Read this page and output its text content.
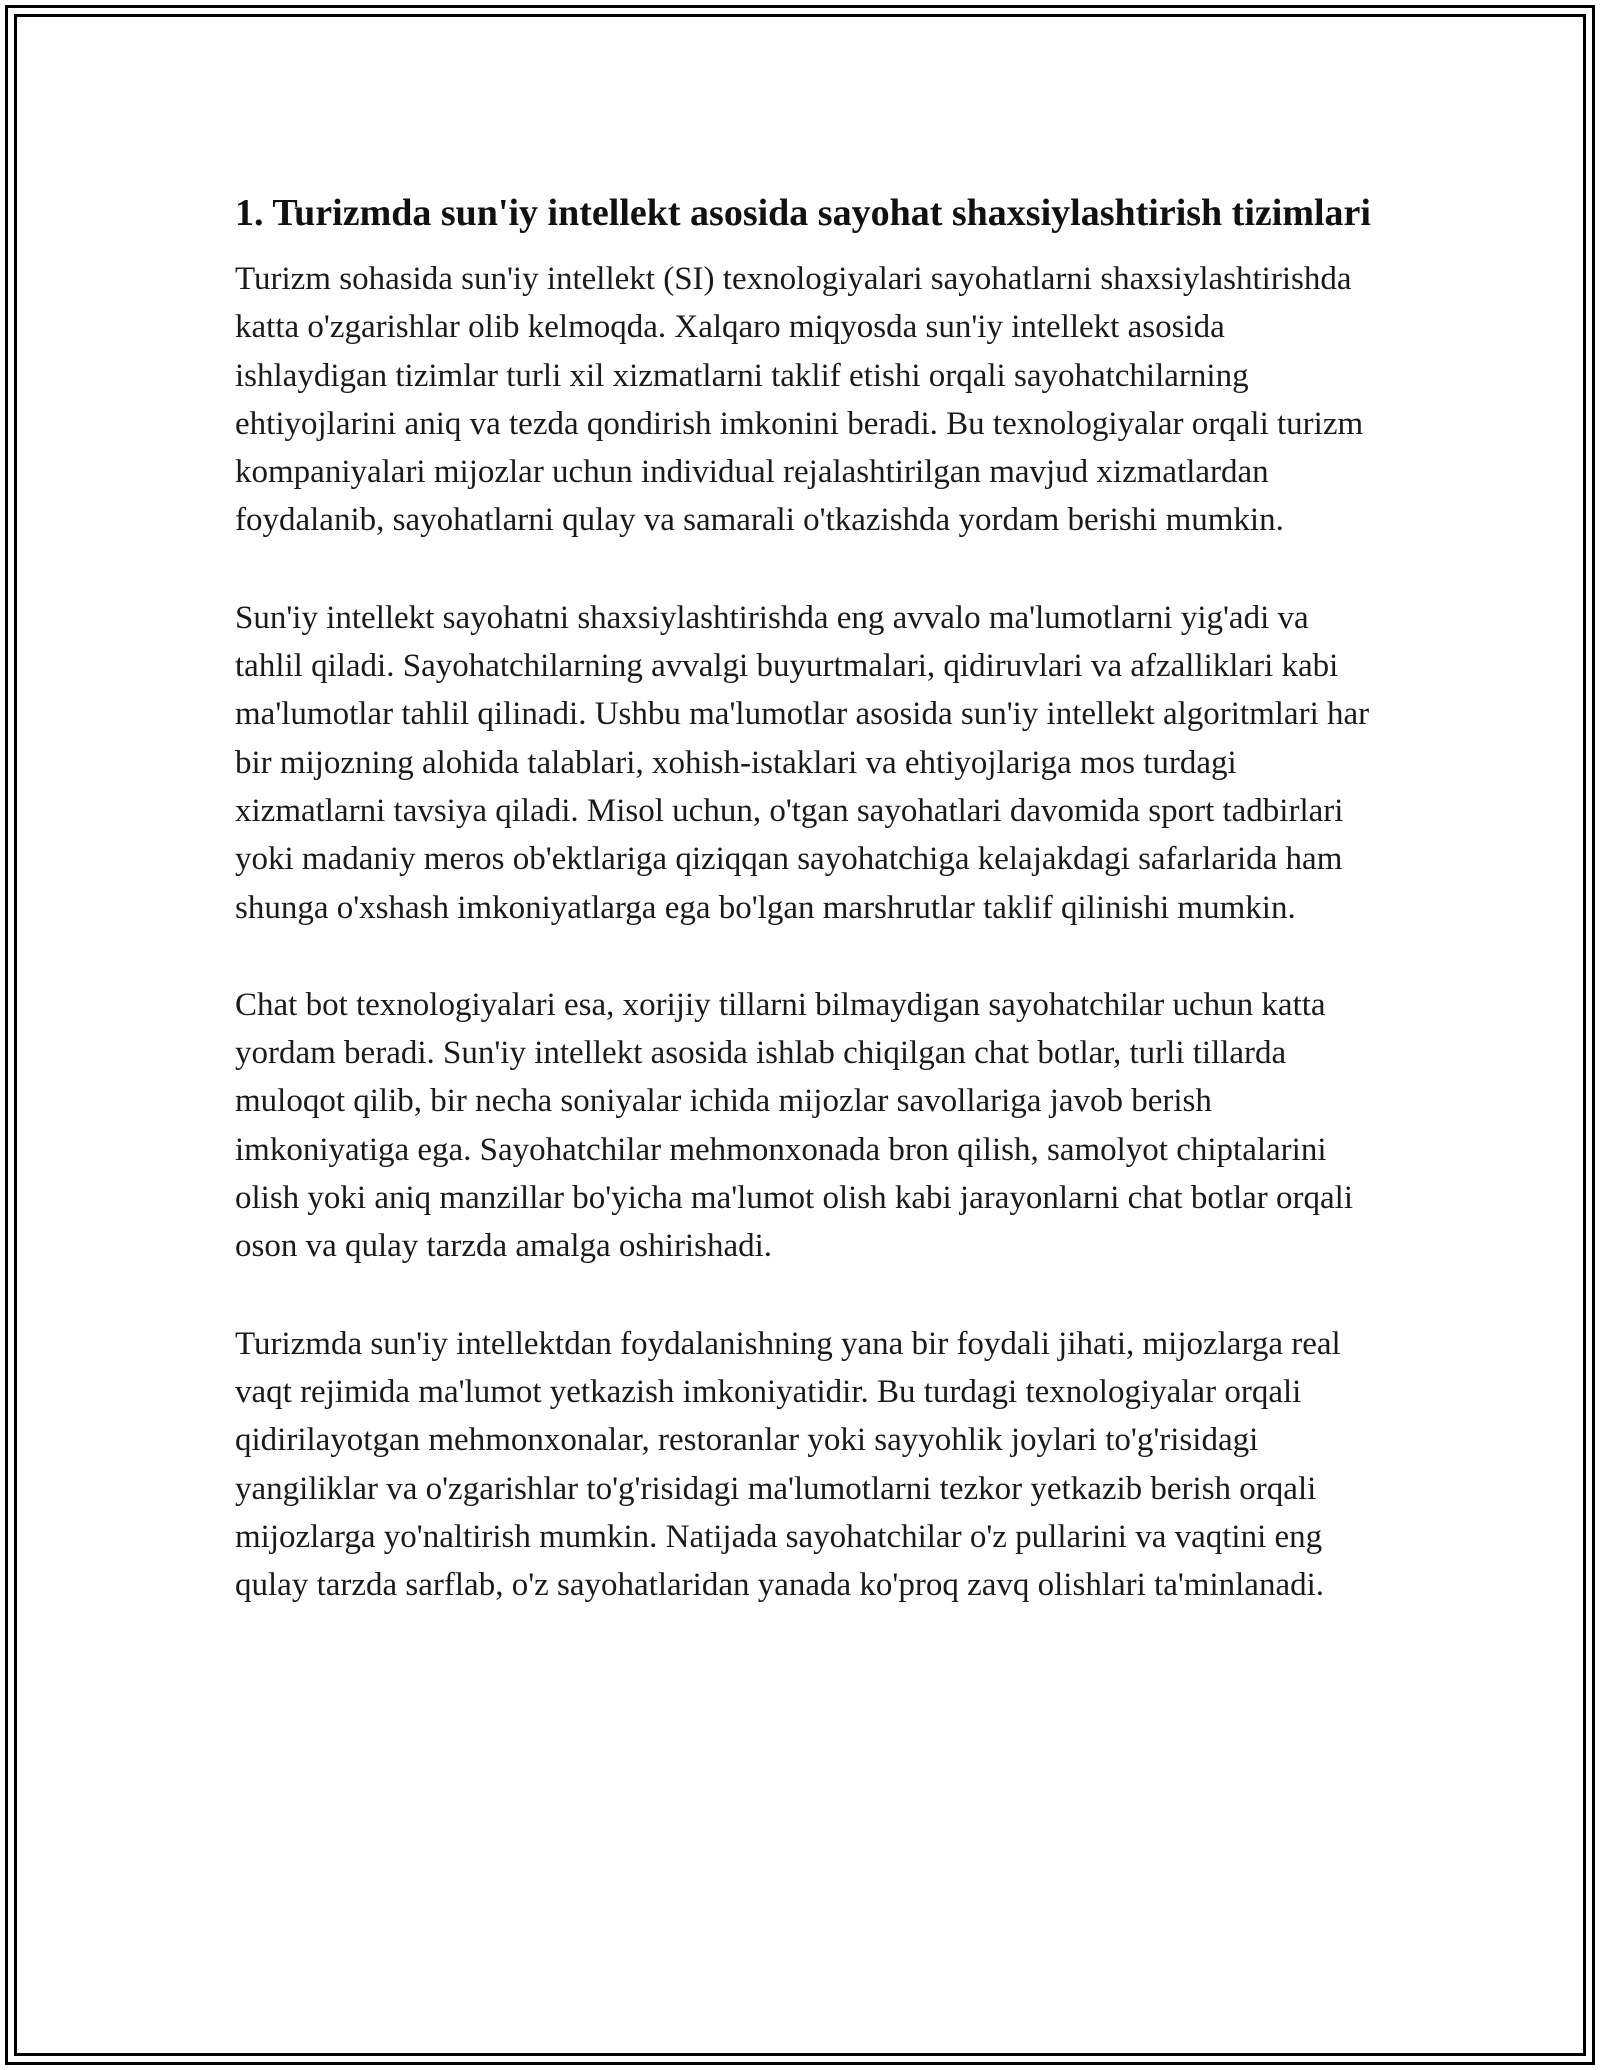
1. Turizmda sun'iy intellekt asosida sayohat shaxsiylashtirish tizimlari

Turizm sohasida sun'iy intellekt (SI) texnologiyalari sayohatlarni shaxsiylashtirishda katta o'zgarishlar olib kelmoqda. Xalqaro miqyosda sun'iy intellekt asosida ishlaydigan tizimlar turli xil xizmatlarni taklif etishi orqali sayohatchilarning ehtiyojlarini aniq va tezda qondirish imkonini beradi. Bu texnologiyalar orqali turizm kompaniyalari mijozlar uchun individual rejalashtirilgan mavjud xizmatlardan foydalanib, sayohatlarni qulay va samarali o'tkazishda yordam berishi mumkin.

Sun'iy intellekt sayohatni shaxsiylashtirishda eng avvalo ma'lumotlarni yig'adi va tahlil qiladi. Sayohatchilarning avvalgi buyurtmalari, qidiruvlari va afzalliklari kabi ma'lumotlar tahlil qilinadi. Ushbu ma'lumotlar asosida sun'iy intellekt algoritmlari har bir mijozning alohida talablari, xohish-istaklari va ehtiyojlariga mos turdagi xizmatlarni tavsiya qiladi. Misol uchun, o'tgan sayohatlari davomida sport tadbirlari yoki madaniy meros ob'ektlariga qiziqqan sayohatchiga kelajakdagi safarlarida ham shunga o'xshash imkoniyatlarga ega bo'lgan marshrutlar taklif qilinishi mumkin.

Chat bot texnologiyalari esa, xorijiy tillarni bilmaydigan sayohatchilar uchun katta yordam beradi. Sun'iy intellekt asosida ishlab chiqilgan chat botlar, turli tillarda muloqot qilib, bir necha soniyalar ichida mijozlar savollariga javob berish imkoniyatiga ega. Sayohatchilar mehmonxonada bron qilish, samolyot chiptalarini olish yoki aniq manzillar bo'yicha ma'lumot olish kabi jarayonlarni chat botlar orqali oson va qulay tarzda amalga oshirishadi.

Turizmda sun'iy intellektdan foydalanishning yana bir foydali jihati, mijozlarga real vaqt rejimida ma'lumot yetkazish imkoniyatidir. Bu turdagi texnologiyalar orqali qidirilayotgan mehmonxonalar, restoranlar yoki sayyohlik joylari to'g'risidagi yangiliklar va o'zgarishlar to'g'risidagi ma'lumotlarni tezkor yetkazib berish orqali mijozlarga yo'naltirish mumkin. Natijada sayohatchilar o'z pullarini va vaqtini eng qulay tarzda sarflab, o'z sayohatlaridan yanada ko'proq zavq olishlari ta'minlanadi.
